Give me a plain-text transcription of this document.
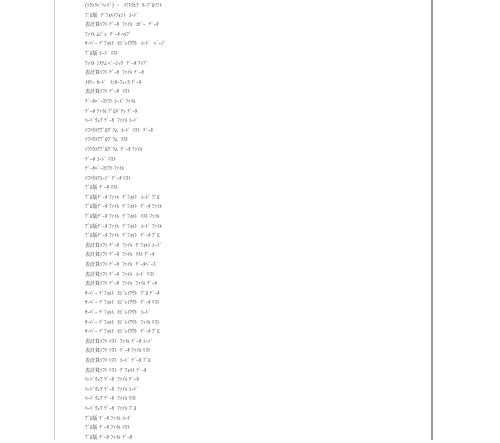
(ｿｸｿﾘﾍﾞﾊｰﾄﾞ) ・  ｿﾌﾄｳｴｱ  ﾜｰﾌﾟﾛｿﾌﾄ
ﾌﾟﾛ版  ﾃﾞﾌｫﾙﾄﾌｫﾝﾄ  ｺｰﾄﾞ
表計算ｿﾌﾄ ﾃﾞｰﾀ  ﾌｧｲﾙ  ｺﾋﾟｰ  ﾃﾞｰﾀ
ﾌｧｲﾙ ﾑｼﾞｮ  ﾃﾞｰﾀ ﾍﾙﾌﾟ
ｻｰﾊﾞｰ ﾃﾞﾌｫﾙﾄ  ﾓｼﾞﾚｲｱｳﾄ  ｺｰﾄﾞ  ﾍﾞｰｼﾞ
ﾌﾟﾛ版 ｺｰﾄﾞ ﾘｽﾄ
ﾌｧｲﾙ ｼｽﾃﾑ ﾍﾞｰｼｯｸ  ﾃﾞｰﾀ ｱｯﾌﾟ
表計算ｿﾌﾄ ﾃﾞｰﾀ  ﾌｧｲﾙ ﾃﾞｰﾀ
ﾒﾓﾘｰ ｶｰﾄﾞ  ｲﾝﾀｰﾌｪｰｽ ﾃﾞｰﾀ
表計算ｿﾌﾄ ﾃﾞｰﾀ  ﾘｽﾄ
ﾃﾞｰﾀﾍﾞｰｽｿﾌﾄ ｺｰﾄﾞ ﾌｧｲﾙ
ﾃﾞｰﾀ ﾌｧｲﾙ ﾌﾟﾛﾊﾟﾃｨ ﾃﾞｰﾀ
ﾊｰﾄﾞｳｪｱ ﾃﾞｰﾀ  ﾌｧｲﾙ ｺｰﾄﾞ
ｿﾌﾄｳｴｱﾌﾟﾛｸﾞﾗﾑ  ｺｰﾄﾞ ﾘｽﾄ  ﾃﾞｰﾀ
ｿﾌﾄｳｴｱﾌﾟﾛｸﾞﾗﾑ  ﾘｽﾄ
ｿﾌﾄｳｴｱﾌﾟﾛｸﾞﾗﾑ  ﾃﾞｰﾀ ﾌｧｲﾙ
ﾃﾞｰﾀ ｺｰﾄﾞ ﾘｽﾄ
ﾃﾞｰﾀﾍﾞｰｽｿﾌﾄ ﾌｧｲﾙ
ｿﾌﾄｳｴｱｺｰﾄﾞ ﾃﾞｰﾀ ﾘｽﾄ
ﾌﾟﾛ版 ﾃﾞｰﾀ ﾘｽﾄ
ﾌﾟﾛ版ﾃﾞｰﾀ ﾌｧｲﾙ  ﾃﾞﾌｫﾙﾄ  ｺｰﾄﾞ ﾌﾟﾛ
ﾌﾟﾛ版ﾃﾞｰﾀ ﾌｧｲﾙ  ﾃﾞﾌｫﾙﾄ  ﾃﾞｰﾀ ﾌｧｲﾙ
ﾌﾟﾛ版ﾃﾞｰﾀ ﾌｧｲﾙ  ﾃﾞﾌｫﾙﾄ  ﾘｽﾄ ﾌｧｲﾙ
ﾌﾟﾛ版ﾃﾞｰﾀ ﾌｧｲﾙ  ﾃﾞﾌｫﾙﾄ  ｺｰﾄﾞ ﾌｧｲﾙ
ﾌﾟﾛ版ﾃﾞｰﾀ ﾌｧｲﾙ  ﾃﾞﾌｫﾙﾄ  ﾃﾞｰﾀ ﾌﾟﾛ
表計算ｿﾌﾄ ﾃﾞｰﾀ  ﾌｧｲﾙ  ﾃﾞﾌｫﾙﾄ ｺｰﾄﾞ
表計算ｿﾌﾄ ﾃﾞｰﾀ  ﾌｧｲﾙ  ﾘｽﾄ ﾃﾞｰﾀ
表計算ｿﾌﾄ ﾃﾞｰﾀ  ﾌｧｲﾙ  ﾃﾞｰﾀﾍﾞｰｽ
表計算ｿﾌﾄ ﾃﾞｰﾀ  ﾌｧｲﾙ  ｺｰﾄﾞ ﾘｽﾄ
表計算ｿﾌﾄ ﾃﾞｰﾀ  ﾌｧｲﾙ  ﾌｧｲﾙ ﾃﾞｰﾀ
ｻｰﾊﾞｰ ﾃﾞﾌｫﾙﾄ  ﾓｼﾞﾚｲｱｳﾄ  ﾌﾟﾛ ﾃﾞｰﾀ
ｻｰﾊﾞｰ ﾃﾞﾌｫﾙﾄ  ﾓｼﾞﾚｲｱｳﾄ  ﾃﾞｰﾀ ﾘｽﾄ
ｻｰﾊﾞｰ ﾃﾞﾌｫﾙﾄ  ﾓｼﾞﾚｲｱｳﾄ  ｺｰﾄﾞ
ｻｰﾊﾞｰ ﾃﾞﾌｫﾙﾄ  ﾓｼﾞﾚｲｱｳﾄ  ﾌｧｲﾙ ﾘｽﾄ
ｻｰﾊﾞｰ ﾃﾞﾌｫﾙﾄ  ﾓｼﾞﾚｲｱｳﾄ  ﾃﾞｰﾀ ﾌﾟﾛ
表計算ｿﾌﾄ ﾘｽﾄ  ﾌｧｲﾙ ﾃﾞｰﾀ ｺｰﾄﾞ
表計算ｿﾌﾄ ﾘｽﾄ  ﾃﾞｰﾀ ﾌｧｲﾙ ﾘｽﾄ
表計算ｿﾌﾄ ﾘｽﾄ  ｺｰﾄﾞ ﾃﾞｰﾀ ﾌﾟﾛ
表計算ｿﾌﾄ ﾘｽﾄ  ﾃﾞﾌｫﾙﾄ ﾃﾞｰﾀ
ﾊｰﾄﾞｳｪｱ ﾃﾞｰﾀ  ﾌｧｲﾙ ﾃﾞｰﾀ
ﾊｰﾄﾞｳｪｱ ﾃﾞｰﾀ  ﾌｧｲﾙ ｺｰﾄﾞ
ﾊｰﾄﾞｳｪｱ ﾃﾞｰﾀ  ﾌｧｲﾙ ﾘｽﾄ
ﾊｰﾄﾞｳｪｱ ﾃﾞｰﾀ  ﾌｧｲﾙ ﾌﾟﾛ
ﾌﾟﾛ版 ﾃﾞｰﾀ ﾌｧｲﾙ ｺｰﾄﾞ
ﾌﾟﾛ版 ﾃﾞｰﾀ ﾌｧｲﾙ ﾘｽﾄ
ﾌﾟﾛ版 ﾃﾞｰﾀ ﾌｧｲﾙ ﾃﾞｰﾀ
